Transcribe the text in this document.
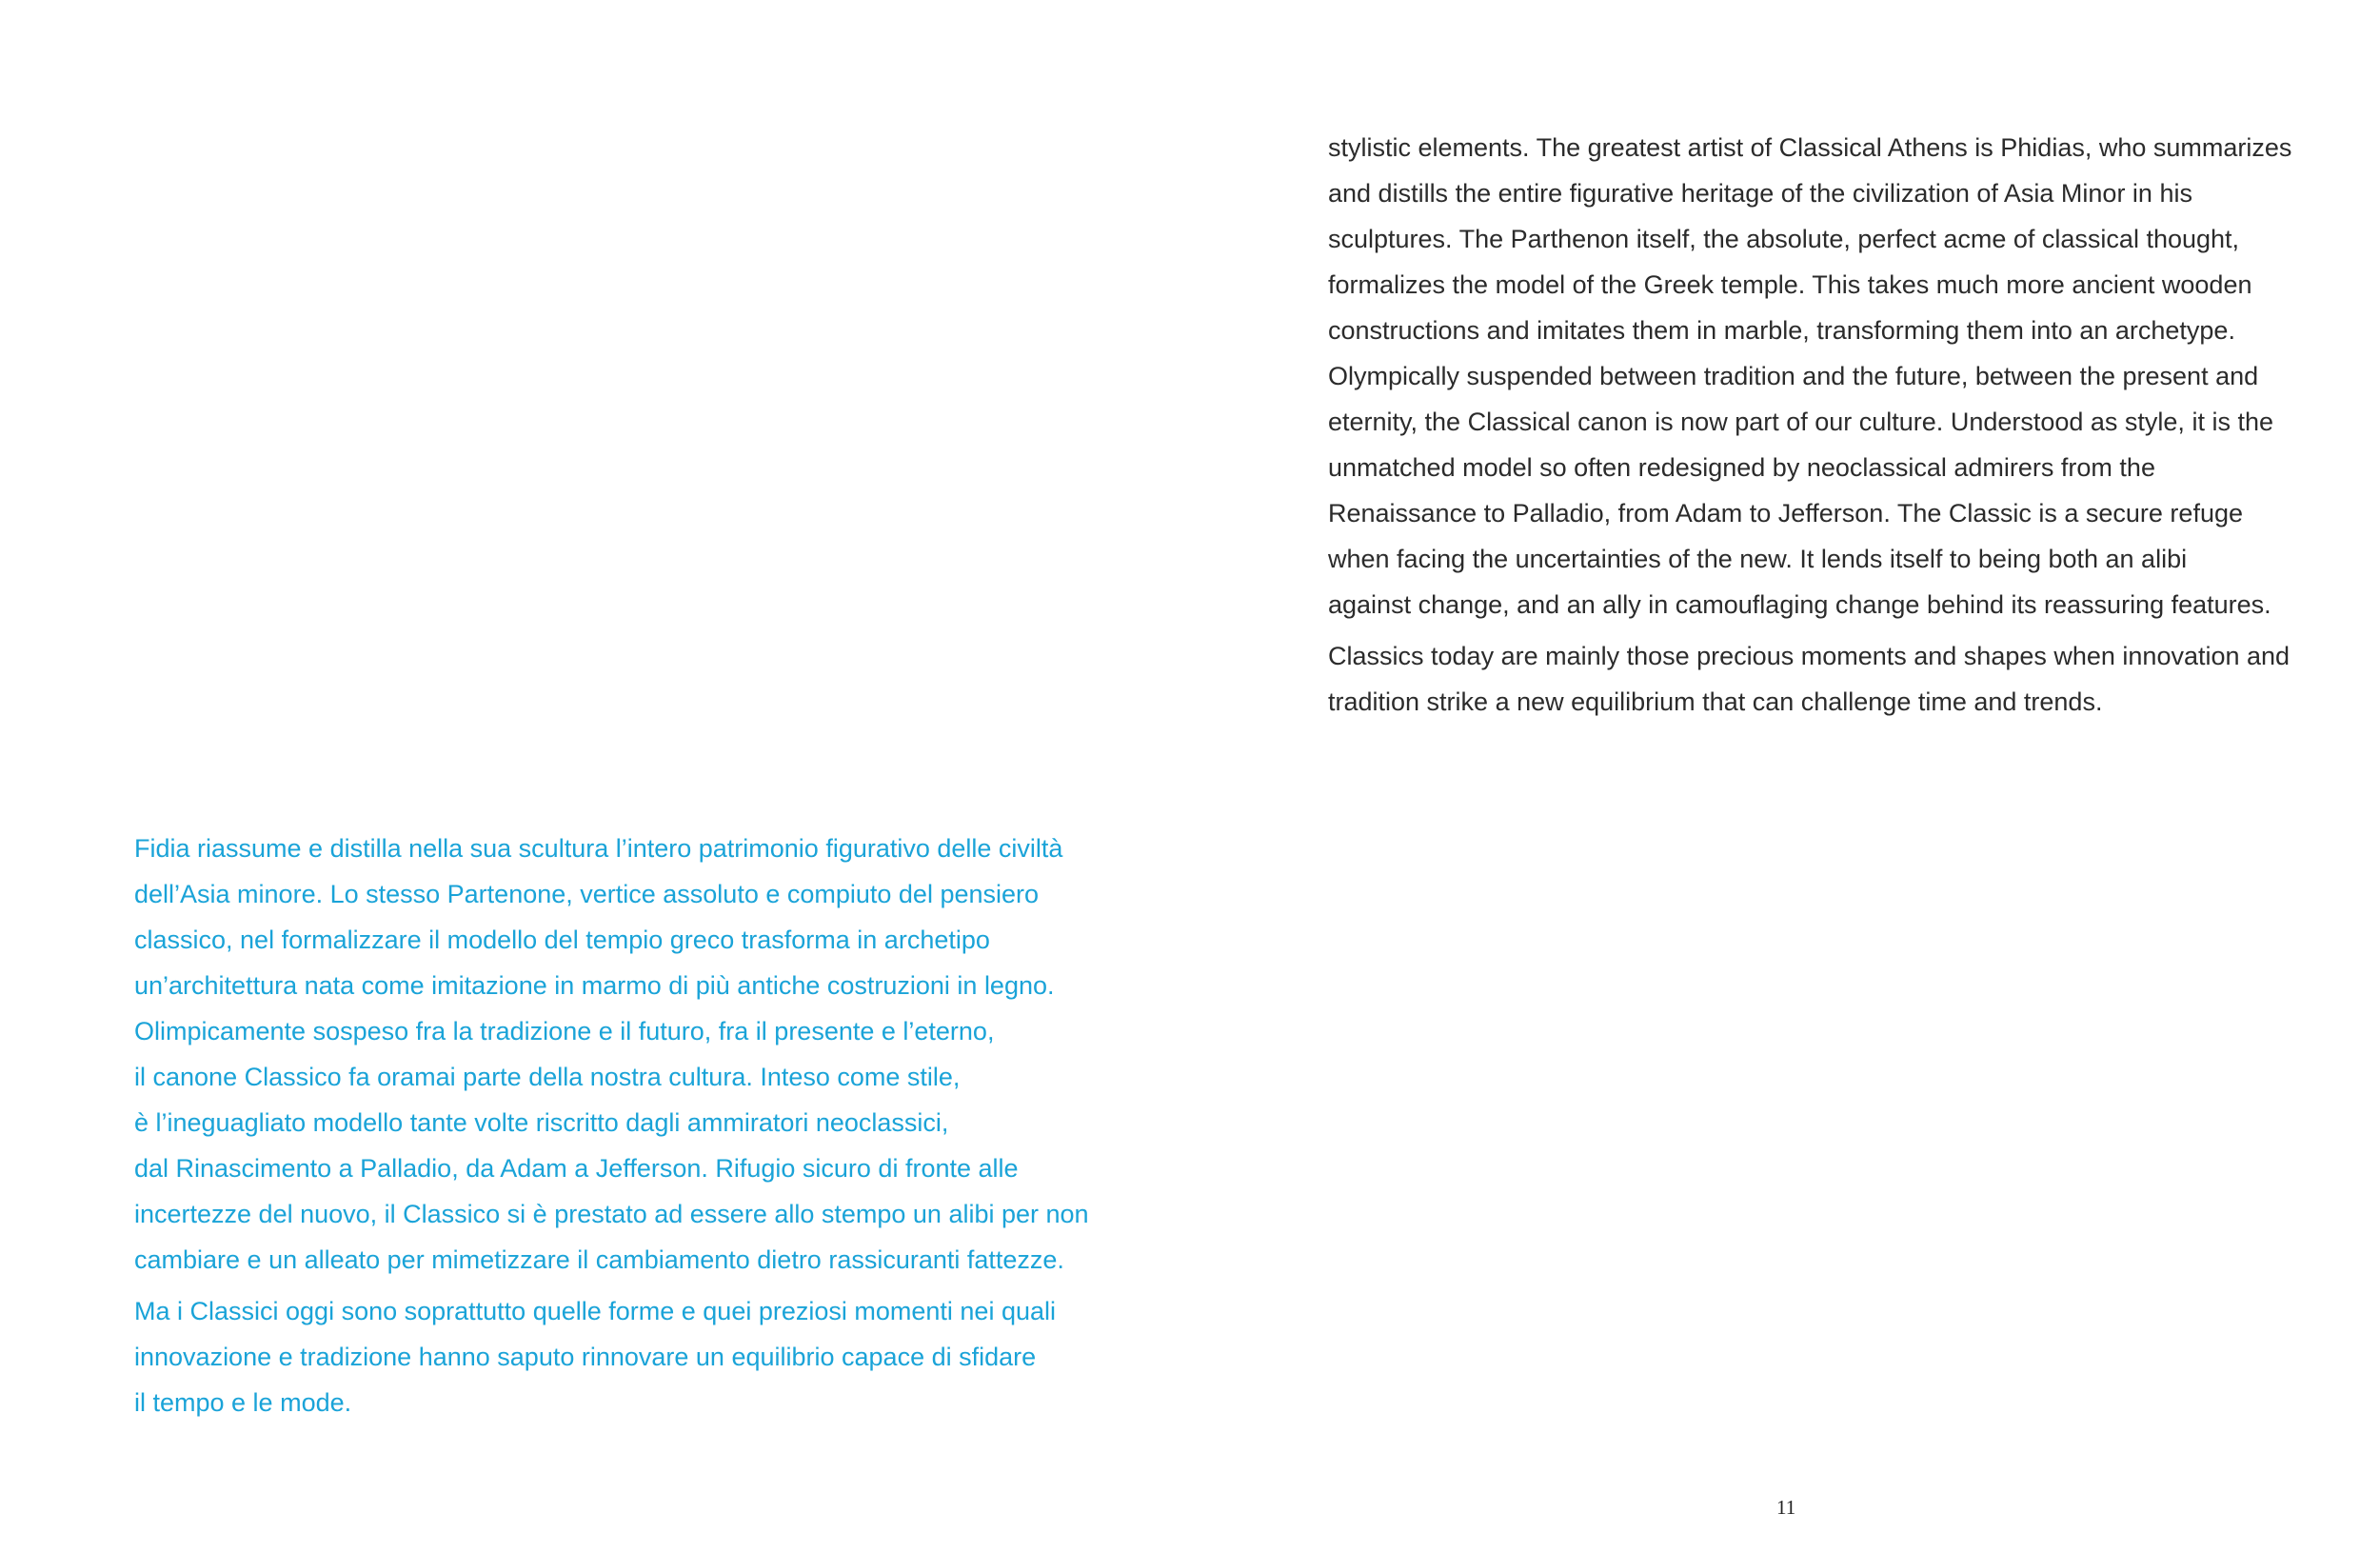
stylistic elements. The greatest artist of Classical Athens is Phidias, who summarizes
and distills the entire figurative heritage of the civilization of Asia Minor in his
sculptures. The Parthenon itself, the absolute, perfect acme of classical thought,
formalizes the model of the Greek temple. This takes much more ancient wooden
constructions and imitates them in marble, transforming them into an archetype.
Olympically suspended between tradition and the future, between the present and
eternity, the Classical canon is now part of our culture. Understood as style, it is the
unmatched model so often redesigned by neoclassical admirers from the
Renaissance to Palladio, from Adam to Jefferson. The Classic is a secure refuge
when facing the uncertainties of the new. It lends itself to being both an alibi
against change, and an ally in camouflaging change behind its reassuring features.

Classics today are mainly those precious moments and shapes when innovation and
tradition strike a new equilibrium that can challenge time and trends.

Fidia riassume e distilla nella sua scultura l’intero patrimonio figurativo delle civiltà
dell’Asia minore. Lo stesso Partenone, vertice assoluto e compiuto del pensiero
classico, nel formalizzare il modello del tempio greco trasforma in archetipo
un’architettura nata come imitazione in marmo di più antiche costruzioni in legno.
Olimpicamente sospeso fra la tradizione e il futuro, fra il presente e l’eterno,
il canone Classico fa oramai parte della nostra cultura. Inteso come stile,
è l’ineguagliato modello tante volte riscritto dagli ammiratori neoclassici,
dal Rinascimento a Palladio, da Adam a Jefferson. Rifugio sicuro di fronte alle
incertezze del nuovo, il Classico si è prestato ad essere allo stempo un alibi per non
cambiare e un alleato per mimetizzare il cambiamento dietro rassicuranti fattezze.

Ma i Classici oggi sono soprattutto quelle forme e quei preziosi momenti nei quali
innovazione e tradizione hanno saputo rinnovare un equilibrio capace di sfidare
il tempo e le mode.

11
